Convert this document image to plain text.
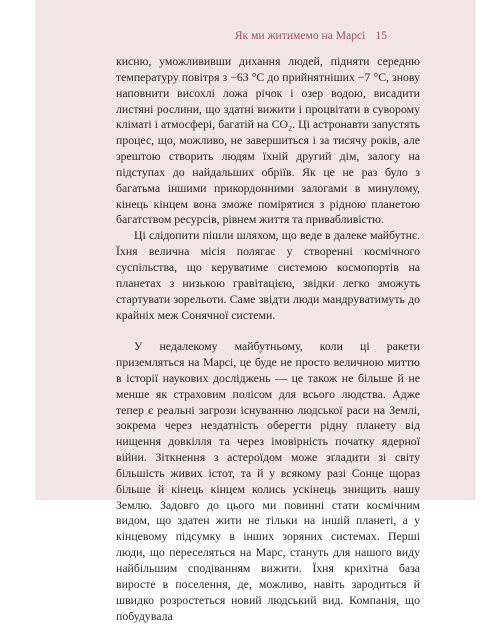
Як ми житимемо на Марсі 15

кисню, уможлививши дихання людей, підняти середню температуру повітря з −63 °С до прийнятніших −7 °С, знову наповнити висохлі ложа річок і озер водою, висадити листяні рослини, що здатні вижити і процвітати в суворому кліматі і атмосфері, багатій на CO₂. Ці астронавти запустять процес, що, можливо, не завершиться і за тисячу років, але зрештою створить людям їхній другий дім, залогу на підступах до найдальших обріїв. Як це не раз було з багатьма іншими прикордонними залогами в минулому, кінець кінцем вона зможе помірятися з рідною планетою багатством ресурсів, рівнем життя та привабливістю.

Ці слідопити пішли шляхом, що веде в далеке майбутнє. Їхня велична місія полягає у створенні космічного суспільства, що керуватиме системою космопортів на планетах з низькою гравітацією, звідки легко зможуть стартувати зорельоти. Саме звідти люди мандруватимуть до крайніх меж Сонячної системи.

У недалекому майбутньому, коли ці ракети приземляться на Марсі, це буде не просто величною миттю в історії наукових досліджень — це також не більше й не менше як страховим полісом для всього людства. Адже тепер є реальні загрози існуванню людської раси на Землі, зокрема через нездатність оберегти рідну планету від нищення довкілля та через імовірність початку ядерної війни. Зіткнення з астероїдом може зґладити зі світу більшість живих істот, та й у всякому разі Сонце щораз більше й кінець кінцем колись ускінець знищить нашу Землю. Задовго до цього ми повинні стати космічним видом, що здатен жити не тільки на іншій планеті, а у кінцевому підсумку в інших зоряних системах. Перші люди, що переселяться на Марс, стануть для нашого виду найбільшим сподіванням вижити. Їхня крихітна база виросте в поселення, де, можливо, навіть зародиться й швидко розростеться новий людський вид. Компанія, що побудувала
